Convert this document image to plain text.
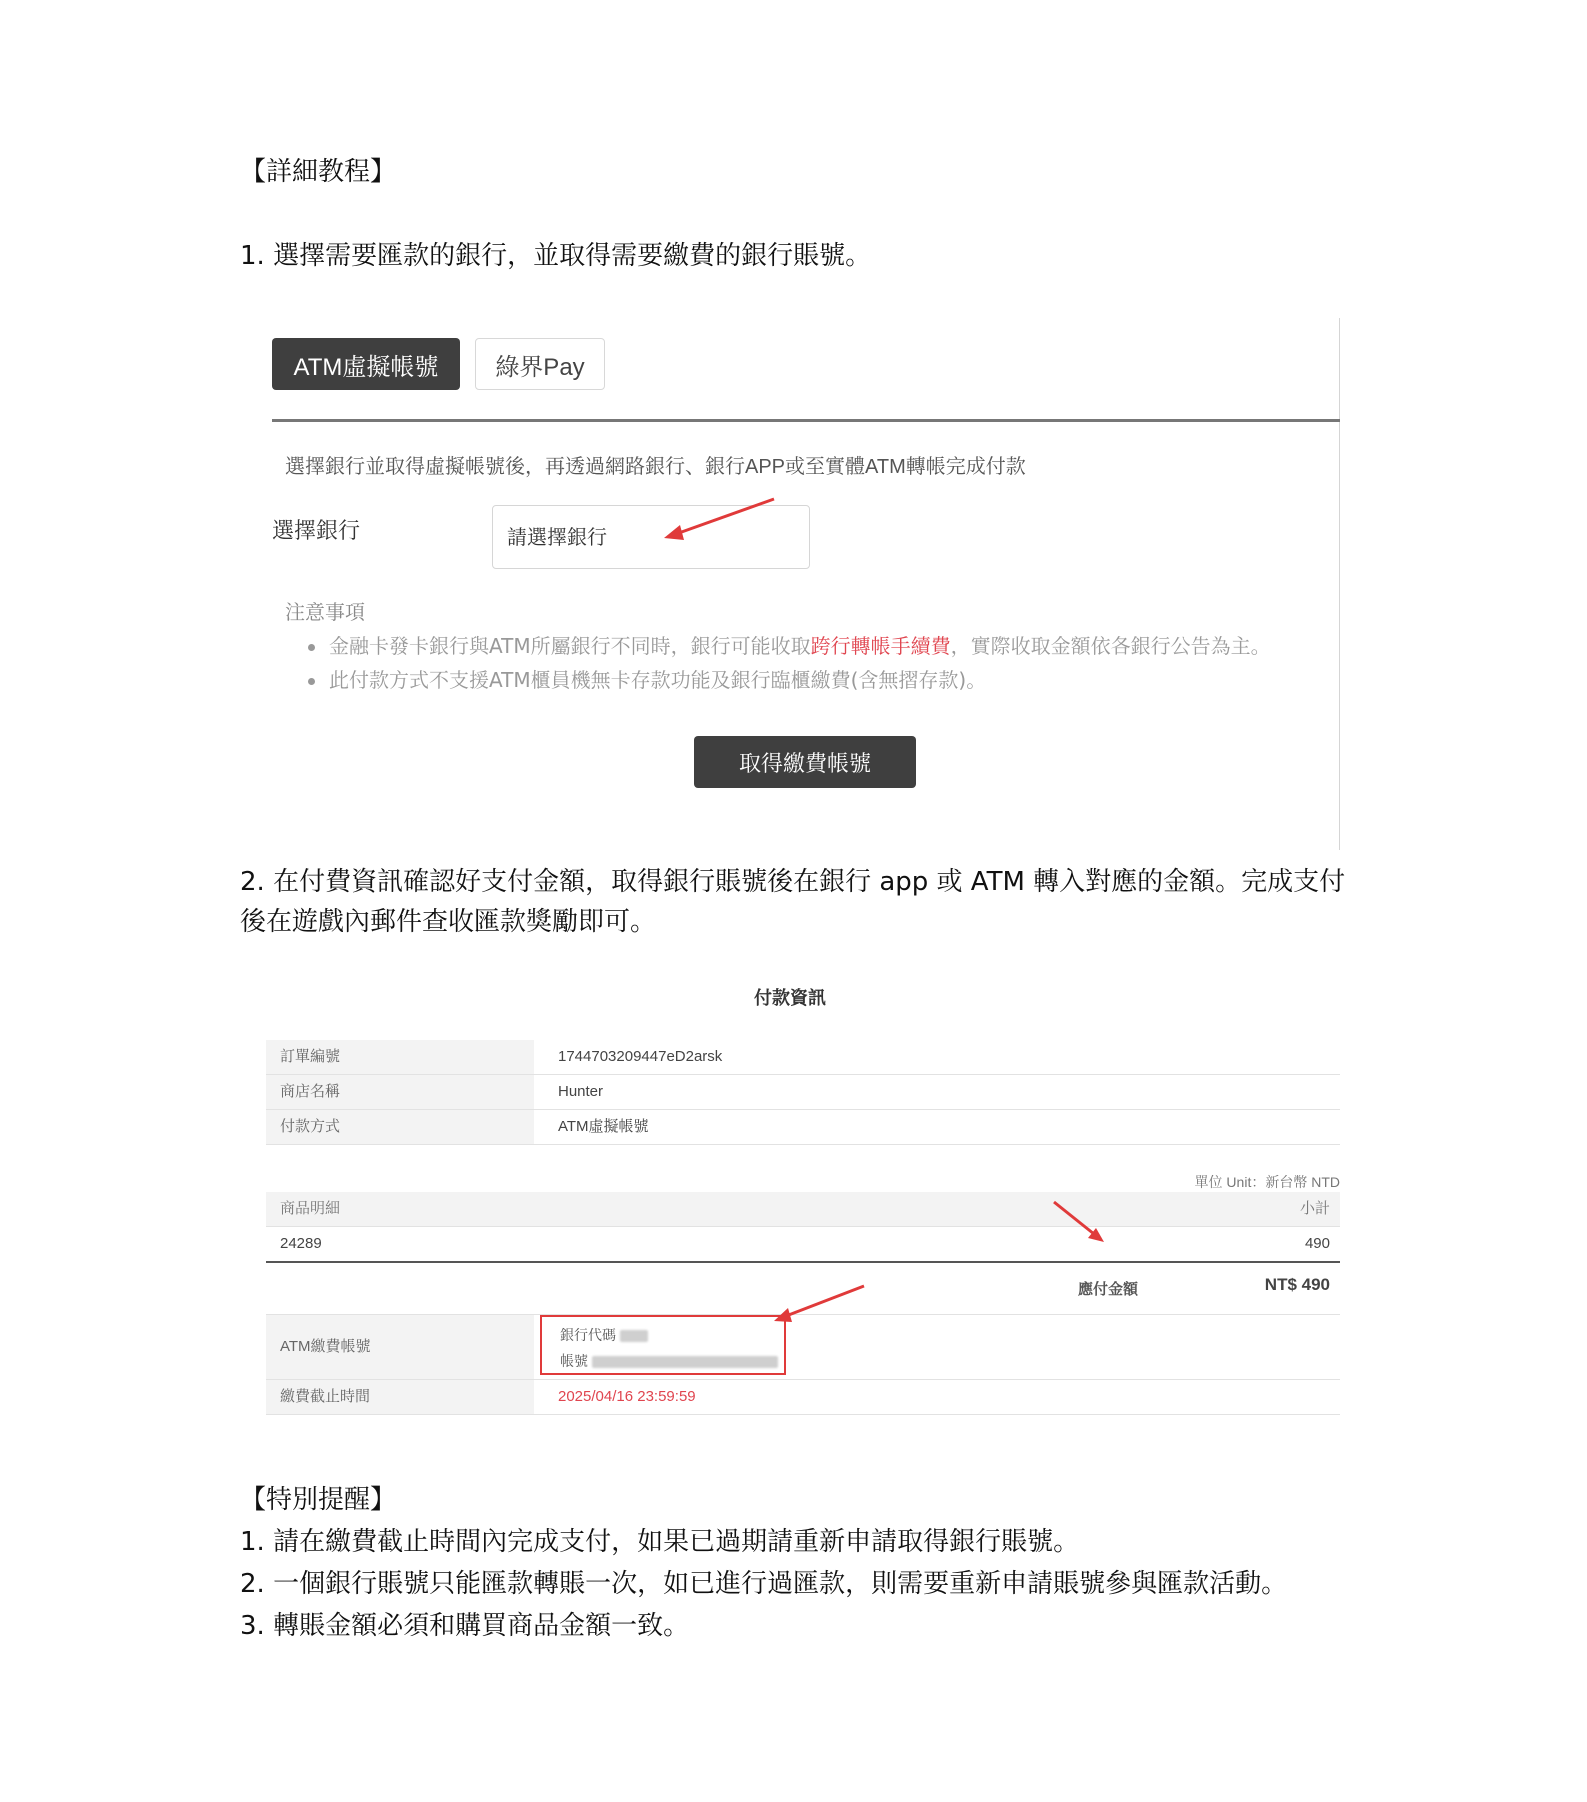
【詳細教程】
1. 選擇需要匯款的銀行，並取得需要繳費的銀行賬號。
ATM虛擬帳號	綠界Pay
選擇銀行並取得虛擬帳號後，再透過網路銀行、銀行APP或至實體ATM轉帳完成付款
選擇銀行	請選擇銀行
注意事項
金融卡發卡銀行與ATM所屬銀行不同時，銀行可能收取跨行轉帳手續費，實際收取金額依各銀行公告為主。
此付款方式不支援ATM櫃員機無卡存款功能及銀行臨櫃繳費(含無摺存款)。
取得繳費帳號
2. 在付費資訊確認好支付金額，取得銀行賬號後在銀行 app 或 ATM 轉入對應的金額。完成支付後在遊戲內郵件查收匯款獎勵即可。
付款資訊
訂單編號	1744703209447eD2arsk
商店名稱	Hunter
付款方式	ATM虛擬帳號
單位 Unit：新台幣 NTD
商品明細	小計
24289	490
應付金額	NT$ 490
ATM繳費帳號
銀行代碼
帳號
繳費截止時間	2025/04/16 23:59:59
【特別提醒】
1. 請在繳費截止時間內完成支付，如果已過期請重新申請取得銀行賬號。
2. 一個銀行賬號只能匯款轉賬一次，如已進行過匯款，則需要重新申請賬號參與匯款活動。
3. 轉賬金額必須和購買商品金額一致。
